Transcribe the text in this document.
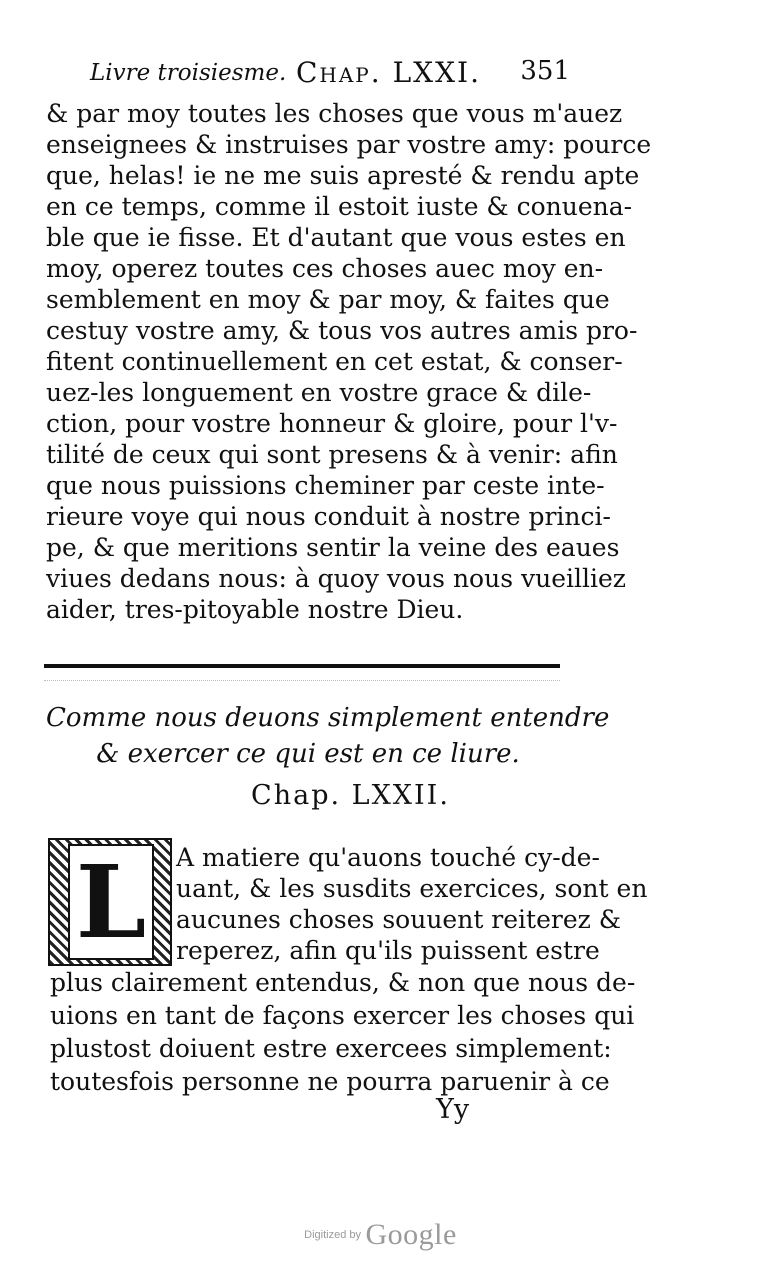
Livre troisiesme. Chap. LXXI. 351
& par moy toutes les choses que vous m'auez
enseignees & instruises par vostre amy: pource
que, helas! ie ne me suis apresté & rendu apte
en ce temps, comme il estoit iuste & conuena-
ble que ie fisse. Et d'autant que vous estes en
moy, operez toutes ces choses auec moy en-
semblement en moy & par moy, & faites que
cestuy vostre amy, & tous vos autres amis pro-
fitent continuellement en cet estat, & conser-
uez-les longuement en vostre grace & dile-
ction, pour vostre honneur & gloire, pour l'v-
tilité de ceux qui sont presens & à venir: afin
que nous puissions cheminer par ceste inte-
rieure voye qui nous conduit à nostre princi-
pe, & que meritions sentir la veine des eaues
viues dedans nous: à quoy vous nous vueilliez
aider, tres-pitoyable nostre Dieu.
Comme nous deuons simplement entendre
& exercer ce qui est en ce liure.
Chap. LXXII.
L	A matiere qu'auons touché cy-de-
uant, & les susdits exercices, sont en
aucunes choses souuent reiterez &
reperez, afin qu'ils puissent estre
plus clairement entendus, & non que nous de-
uions en tant de façons exercer les choses qui
plustost doiuent estre exercees simplement:
toutesfois personne ne pourra paruenir à ce
Yy
Digitized by Google
